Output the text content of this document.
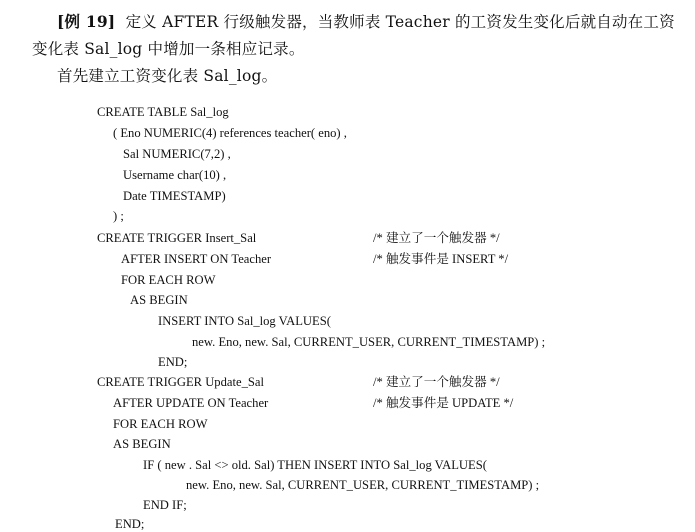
[例 19] 定义 AFTER 行级触发器，当教师表 Teacher 的工资发生变化后就自动在工资
变化表 Sal_log 中增加一条相应记录。
首先建立工资变化表 Sal_log。
CREATE TABLE Sal_log
( Eno NUMERIC(4) references teacher( eno) ,
Sal NUMERIC(7,2) ,
Username char(10) ,
Date TIMESTAMP)
) ;
CREATE TRIGGER Insert_Sal
AFTER INSERT ON Teacher
FOR EACH ROW
AS BEGIN
INSERT INTO Sal_log VALUES(
new. Eno, new. Sal, CURRENT_USER, CURRENT_TIMESTAMP) ;
END;
CREATE TRIGGER Update_Sal
AFTER UPDATE ON Teacher
FOR EACH ROW
AS BEGIN
IF ( new . Sal <> old. Sal) THEN INSERT INTO Sal_log VALUES(
new. Eno, new. Sal, CURRENT_USER, CURRENT_TIMESTAMP) ;
END IF;
END;
/* 建立了一个触发器 */
/* 触发事件是 INSERT */
/* 建立了一个触发器 */
/* 触发事件是 UPDATE */
